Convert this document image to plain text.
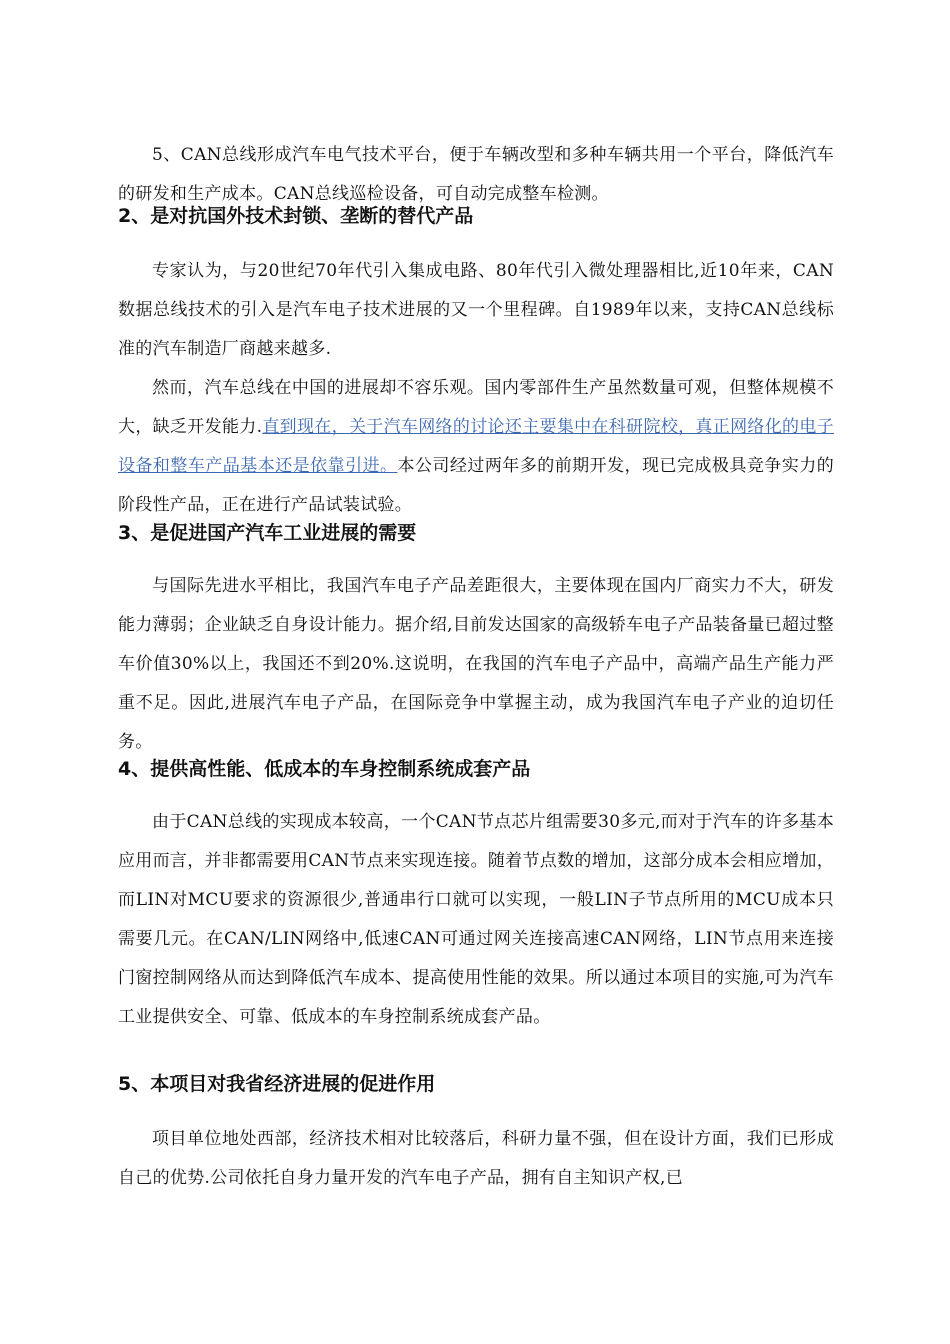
5、CAN总线形成汽车电气技术平台，便于车辆改型和多种车辆共用一个平台，降低汽车的研发和生产成本。CAN总线巡检设备，可自动完成整车检测。

2、是对抗国外技术封锁、垄断的替代产品

专家认为，与20世纪70年代引入集成电路、80年代引入微处理器相比,近10年来，CAN数据总线技术的引入是汽车电子技术进展的又一个里程碑。自1989年以来，支持CAN总线标准的汽车制造厂商越来越多.

然而，汽车总线在中国的进展却不容乐观。国内零部件生产虽然数量可观，但整体规模不大，缺乏开发能力.直到现在，关于汽车网络的讨论还主要集中在科研院校，真正网络化的电子设备和整车产品基本还是依靠引进。本公司经过两年多的前期开发，现已完成极具竞争实力的阶段性产品，正在进行产品试装试验。

3、是促进国产汽车工业进展的需要

与国际先进水平相比，我国汽车电子产品差距很大，主要体现在国内厂商实力不大，研发能力薄弱；企业缺乏自身设计能力。据介绍,目前发达国家的高级轿车电子产品装备量已超过整车价值30%以上，我国还不到20%.这说明，在我国的汽车电子产品中，高端产品生产能力严重不足。因此,进展汽车电子产品，在国际竞争中掌握主动，成为我国汽车电子产业的迫切任务。

4、提供高性能、低成本的车身控制系统成套产品

由于CAN总线的实现成本较高，一个CAN节点芯片组需要30多元,而对于汽车的许多基本应用而言，并非都需要用CAN节点来实现连接。随着节点数的增加，这部分成本会相应增加，而LIN对MCU要求的资源很少,普通串行口就可以实现，一般LIN子节点所用的MCU成本只需要几元。在CAN/LIN网络中,低速CAN可通过网关连接高速CAN网络，LIN节点用来连接门窗控制网络从而达到降低汽车成本、提高使用性能的效果。所以通过本项目的实施,可为汽车工业提供安全、可靠、低成本的车身控制系统成套产品。

5、本项目对我省经济进展的促进作用

项目单位地处西部，经济技术相对比较落后，科研力量不强，但在设计方面，我们已形成自己的优势.公司依托自身力量开发的汽车电子产品，拥有自主知识产权,已
